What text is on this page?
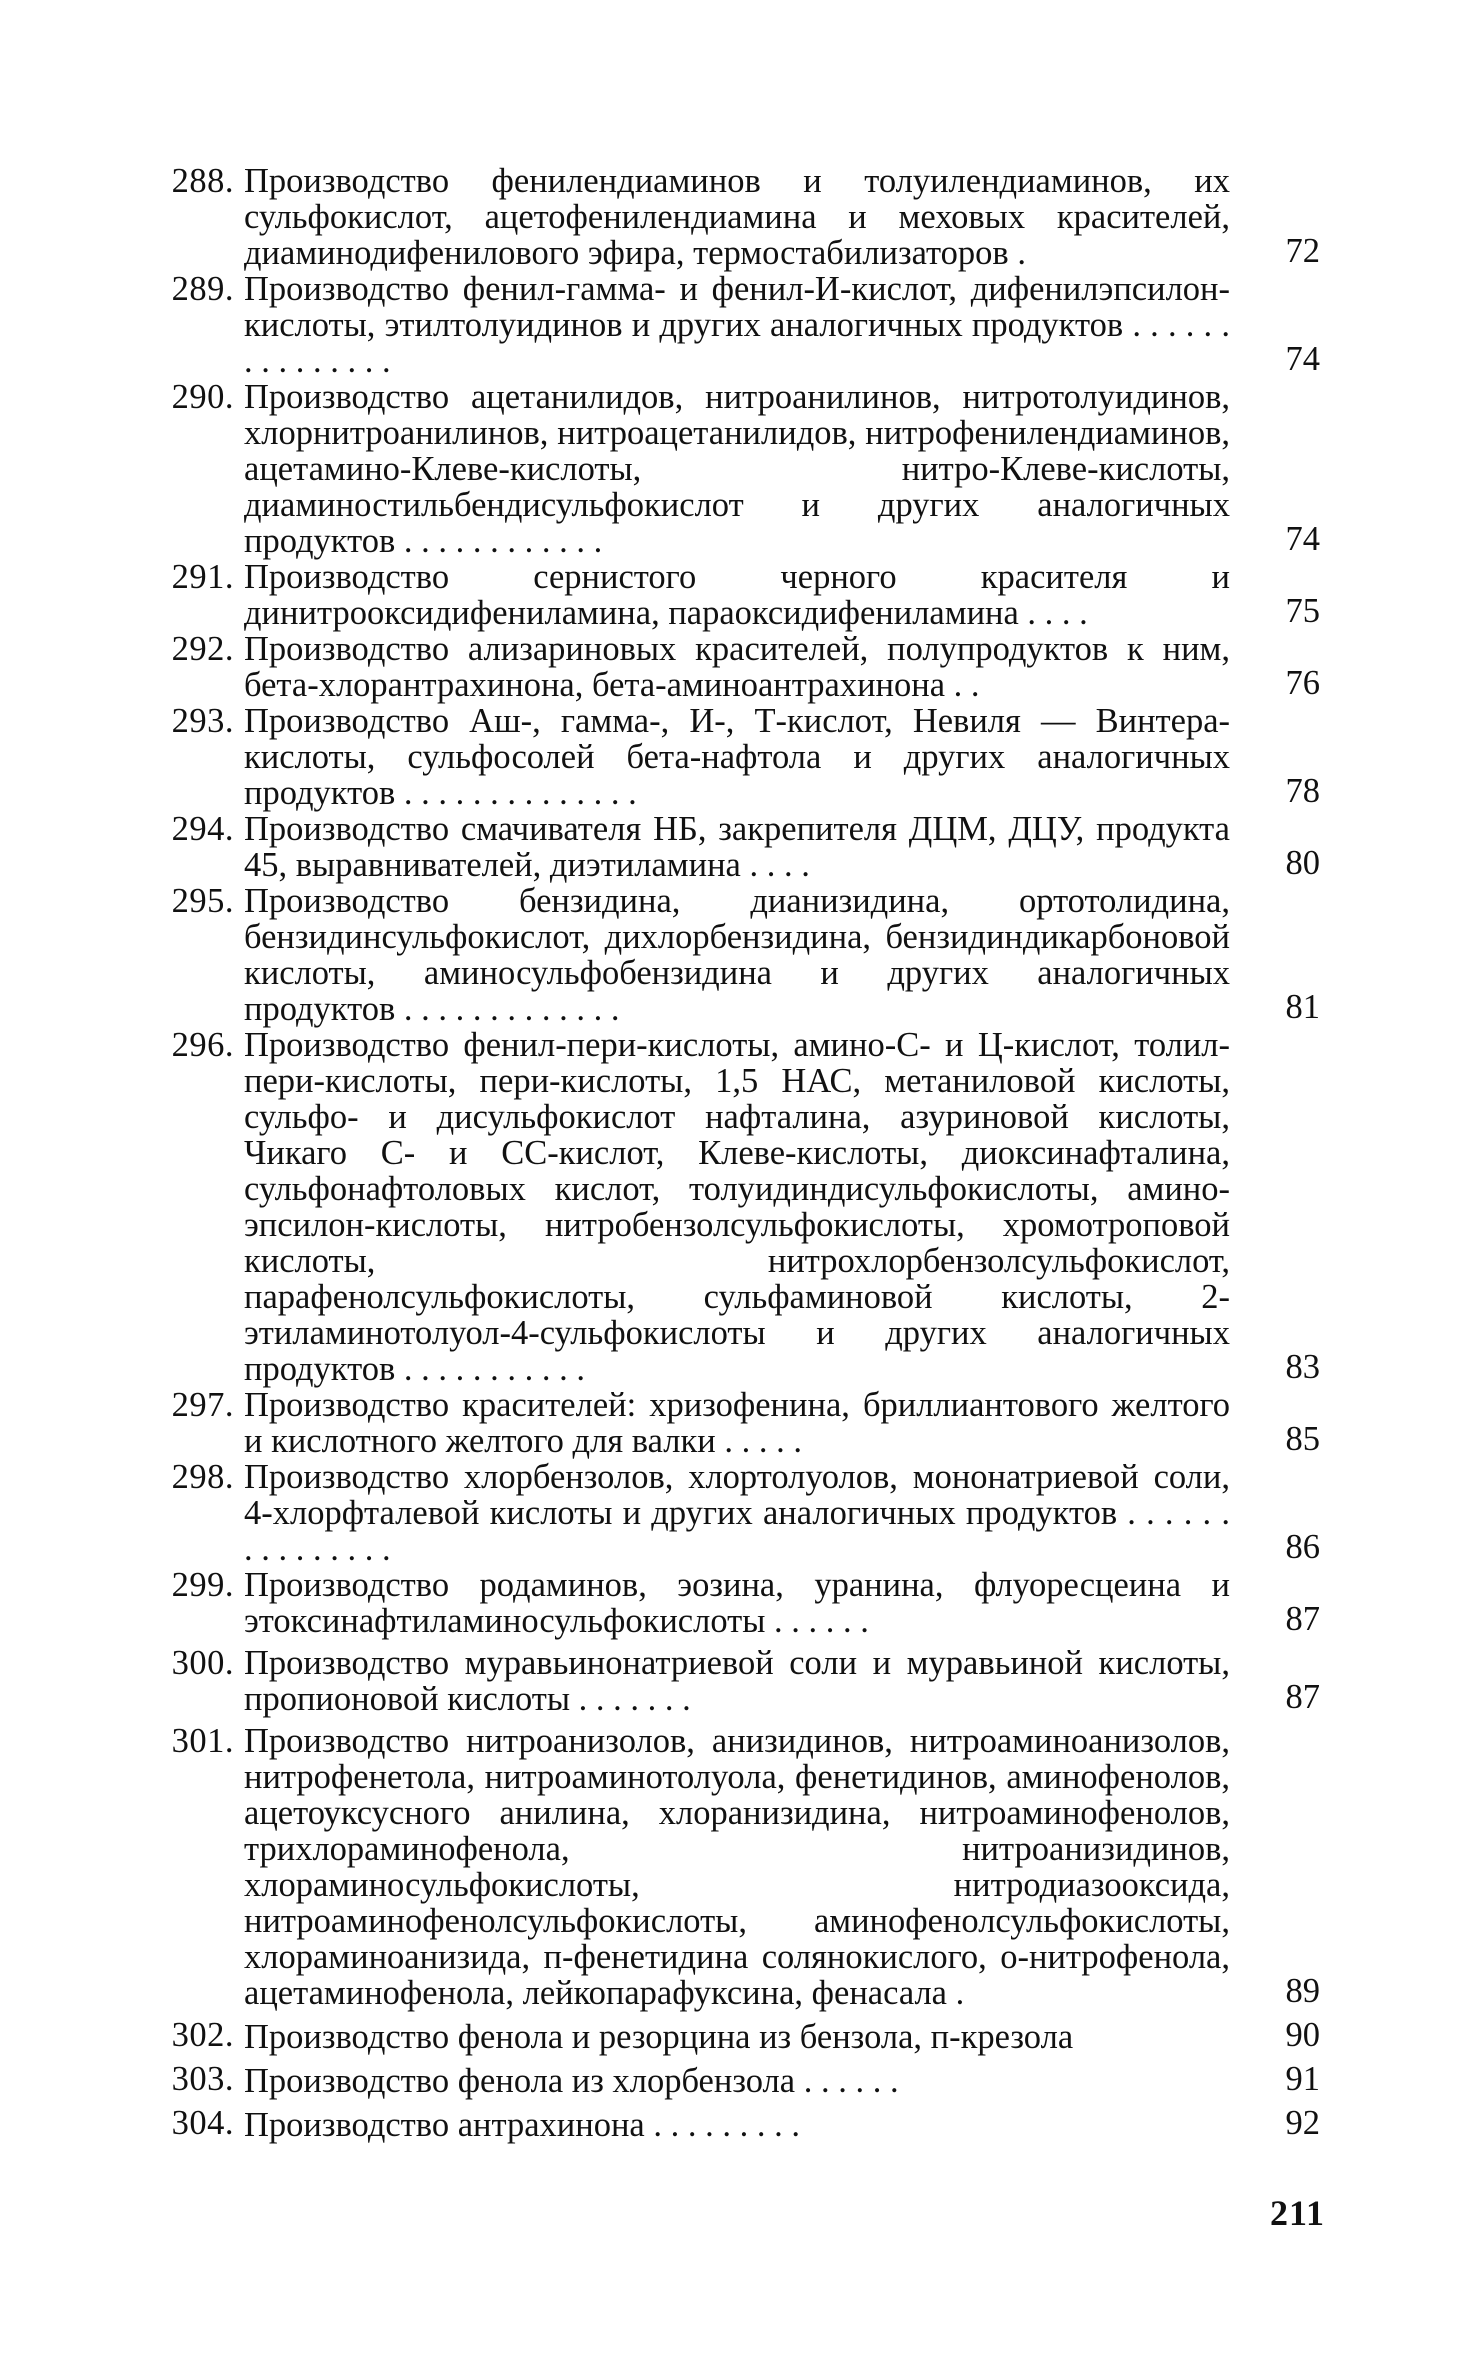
288. Производство фенилендиаминов и толуилендиаминов, их сульфокислот, ацетофенилендиамина и меховых красителей, диаминодифенилового эфира, термостабилизаторов .	72
289. Производство фенил-гамма- и фенил-И-кислот, дифенилэпсилон-кислоты, этилтолуидинов и других аналогичных продуктов . . . . . . . . . . . . . . .	74
290. Производство ацетанилидов, нитроанилинов, нитротолуидинов, хлорнитроанилинов, нитроацетанилидов, нитрофенилендиаминов, ацетамино-Клеве-кислоты, нитро-Клеве-кислоты, диаминостильбендисульфокислот и других аналогичных продуктов . . . . . . . . . . . .	74
291. Производство сернистого черного красителя и динитрооксидифениламина, параоксидифениламина . . . .	75
292. Производство ализариновых красителей, полупродуктов к ним, бета-хлорантрахинона, бета-аминоантрахинона . .	76
293. Производство Аш-, гамма-, И-, Т-кислот, Невиля — Винтера-кислоты, сульфосолей бета-нафтола и других аналогичных продуктов . . . . . . . . . . . . . .	78
294. Производство смачивателя НБ, закрепителя ДЦМ, ДЦУ, продукта 45, выравнивателей, диэтиламина . . . .	80
295. Производство бензидина, дианизидина, ортотолидина, бензидинсульфокислот, дихлорбензидина, бензидиндикарбоновой кислоты, аминосульфобензидина и других аналогичных продуктов . . . . . . . . . . . . .	81
296. Производство фенил-пери-кислоты, амино-С- и Ц-кислот, толил-пери-кислоты, пери-кислоты, 1,5 НАС, метаниловой кислоты, сульфо- и дисульфокислот нафталина, азуриновой кислоты, Чикаго С- и СС-кислот, Клеве-кислоты, диоксинафталина, сульфонафтоловых кислот, толуидиндисульфокислоты, амино-эпсилон-кислоты, нитробензолсульфокислоты, хромотроповой кислоты, нитрохлорбензолсульфокислот, парафенолсульфокислоты, сульфаминовой кислоты, 2-этиламинотолуол-4-сульфокислоты и других аналогичных продуктов . . . . . . . . . . .	83
297. Производство красителей: хризофенина, бриллиантового желтого и кислотного желтого для валки . . . . .	85
298. Производство хлорбензолов, хлортолуолов, мононатриевой соли, 4-хлорфталевой кислоты и других аналогичных продуктов . . . . . . . . . . . . . . .	86
299. Производство родаминов, эозина, уранина, флуоресцеина и этоксинафтиламиносульфокислоты . . . . . .	87
300. Производство муравьинонатриевой соли и муравьиной кислоты, пропионовой кислоты . . . . . . .	87
301. Производство нитроанизолов, анизидинов, нитроаминоанизолов, нитрофенетола, нитроаминотолуола, фенетидинов, аминофенолов, ацетоуксусного анилина, хлоранизидина, нитроаминофенолов, трихлораминофенола, нитроанизидинов, хлораминосульфокислоты, нитродиазооксида, нитроаминофенолсульфокислоты, аминофенолсульфокислоты, хлораминоанизида, п-фенетидина солянокислого, о-нитрофенола, ацетаминофенола, лейкопарафуксина, фенасала .	89
302. Производство фенола и резорцина из бензола, п-крезола	90
303. Производство фенола из хлорбензола . . . . . .	91
304. Производство антрахинона . . . . . . . . .	92
211
